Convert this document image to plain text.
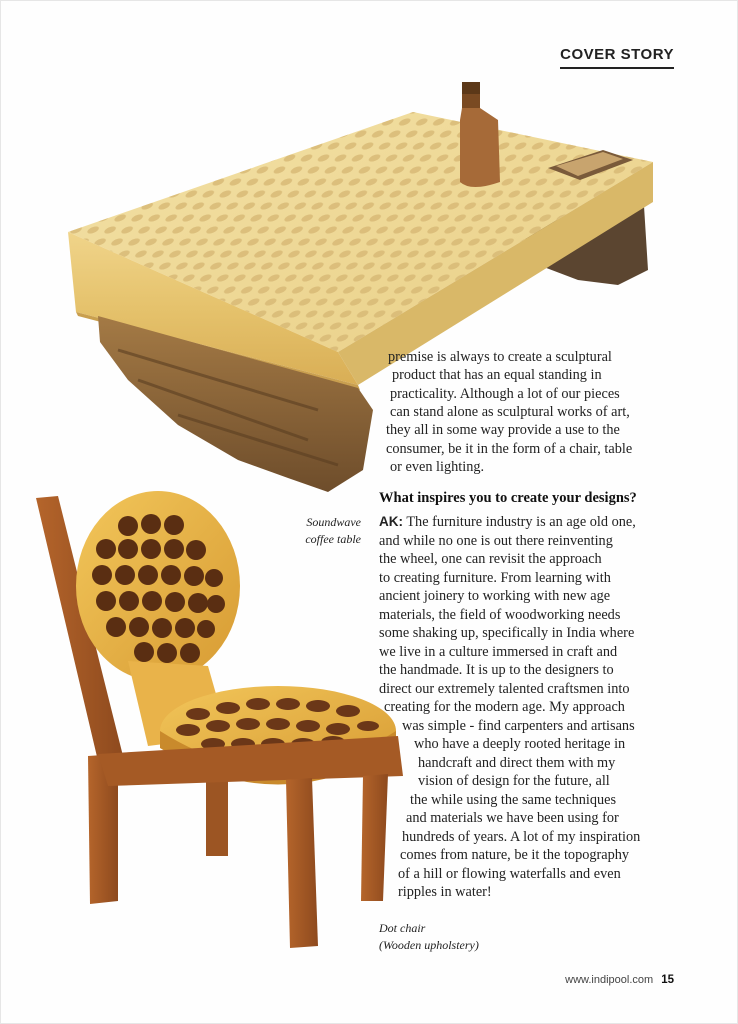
COVER STORY
premise is always to create a sculptural
product that has an equal standing in
practicality. Although a lot of our pieces
can stand alone as sculptural works of art,
they all in some way provide a use to the
consumer, be it in the form of a chair, table
or even lighting.
What inspires you to create your designs?
AK: The furniture industry is an age old one,
and while no one is out there reinventing
the wheel, one can revisit the approach
to creating furniture. From learning with
ancient joinery to working with new age
materials, the field of woodworking needs
some shaking up, specifically in India where
we live in a culture immersed in craft and
the handmade. It is up to the designers to
direct our extremely talented craftsmen into
creating for the modern age. My approach
was simple - find carpenters and artisans
who have a deeply rooted heritage in
handcraft and direct them with my
vision of design for the future, all
the while using the same techniques
and materials we have been using for
hundreds of years. A lot of my inspiration
comes from nature, be it the topography
of a hill or flowing waterfalls and even
ripples in water!
Soundwave
coffee table
Dot chair
(Wooden upholstery)
www.indipool.com 15
